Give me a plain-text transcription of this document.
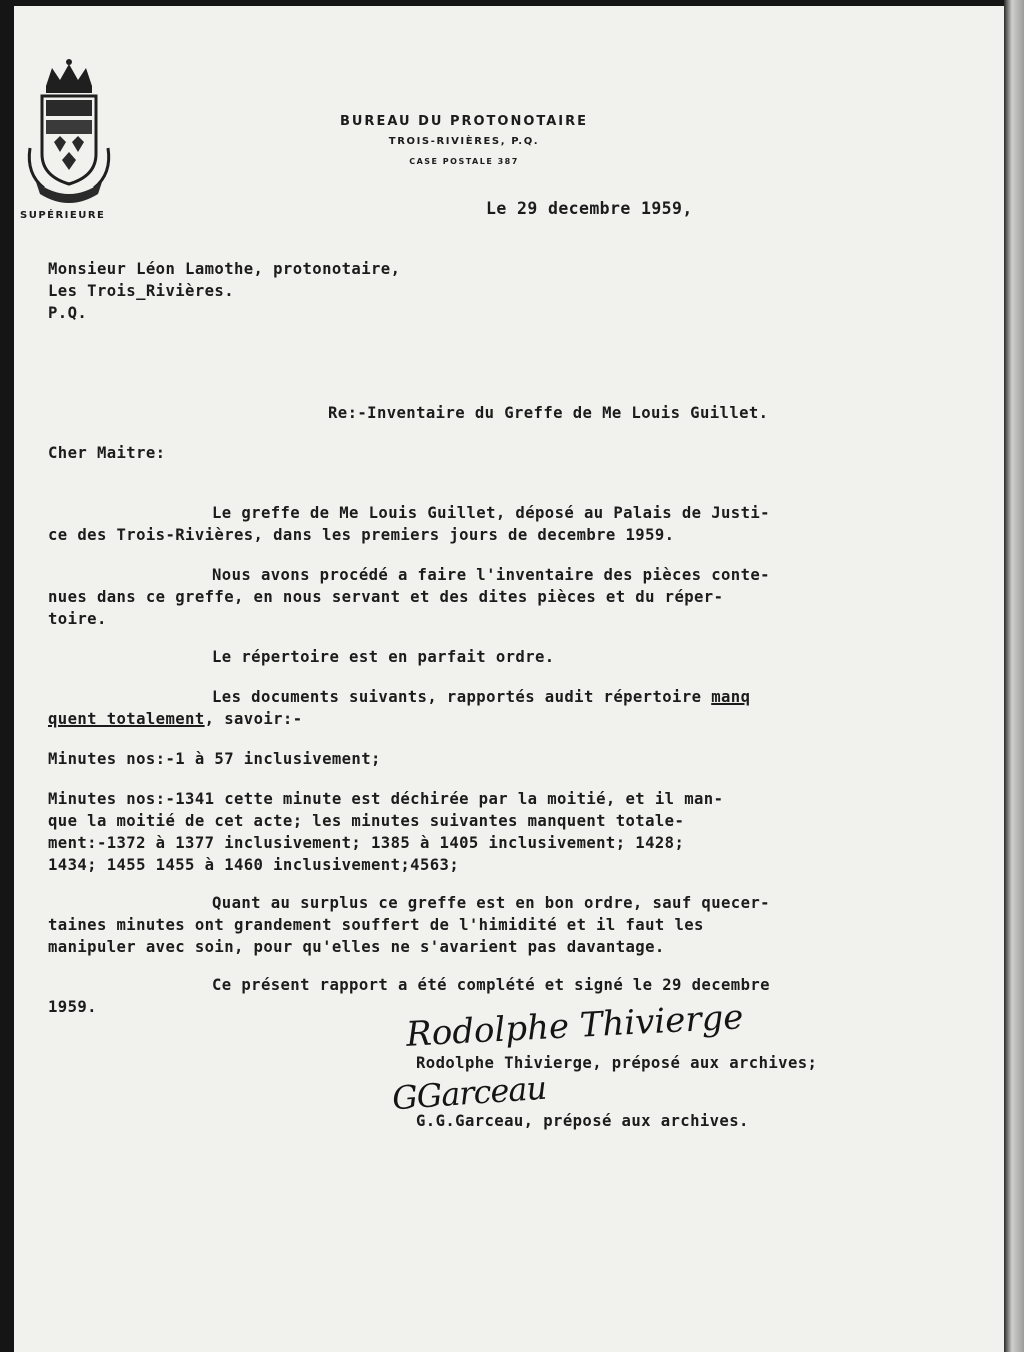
SUPÉRIEURE
BUREAU DU PROTONOTAIRE
TROIS-RIVIÈRES, P.Q.
CASE POSTALE 387
Le 29 decembre 1959,
Monsieur Léon Lamothe, protonotaire,
Les Trois_Rivières.
P.Q.
Re:-Inventaire du Greffe de Me Louis Guillet.
Cher Maitre:
Le greffe de Me Louis Guillet, déposé au Palais de Justi-
ce des Trois-Rivières, dans les premiers jours de decembre 1959.
Nous avons procédé a faire l'inventaire des pièces conte-
nues dans ce greffe, en nous servant et des dites pièces et du réper-
toire.
Le répertoire est en parfait ordre.
Les documents suivants, rapportés audit répertoire manq
quent totalement, savoir:-
Minutes nos:-1 à 57 inclusivement;
Minutes nos:-1341 cette minute est déchirée par la moitié, et il man-
que la moitié de cet acte; les minutes suivantes manquent totale-
ment:-1372 à 1377 inclusivement; 1385 à 1405 inclusivement; 1428;
1434; 1455 1455 à 1460 inclusivement;4563;
Quant au surplus ce greffe est en bon ordre, sauf quecer-
taines minutes ont grandement souffert de l'himidité et il faut les
manipuler avec soin, pour qu'elles ne s'avarient pas davantage.
Ce présent rapport a été complété et signé le 29 decembre
1959.	Rodolphe Thivierge
Rodolphe Thivierge, préposé aux archives;
GGarceau
G.G.Garceau, préposé aux archives.
